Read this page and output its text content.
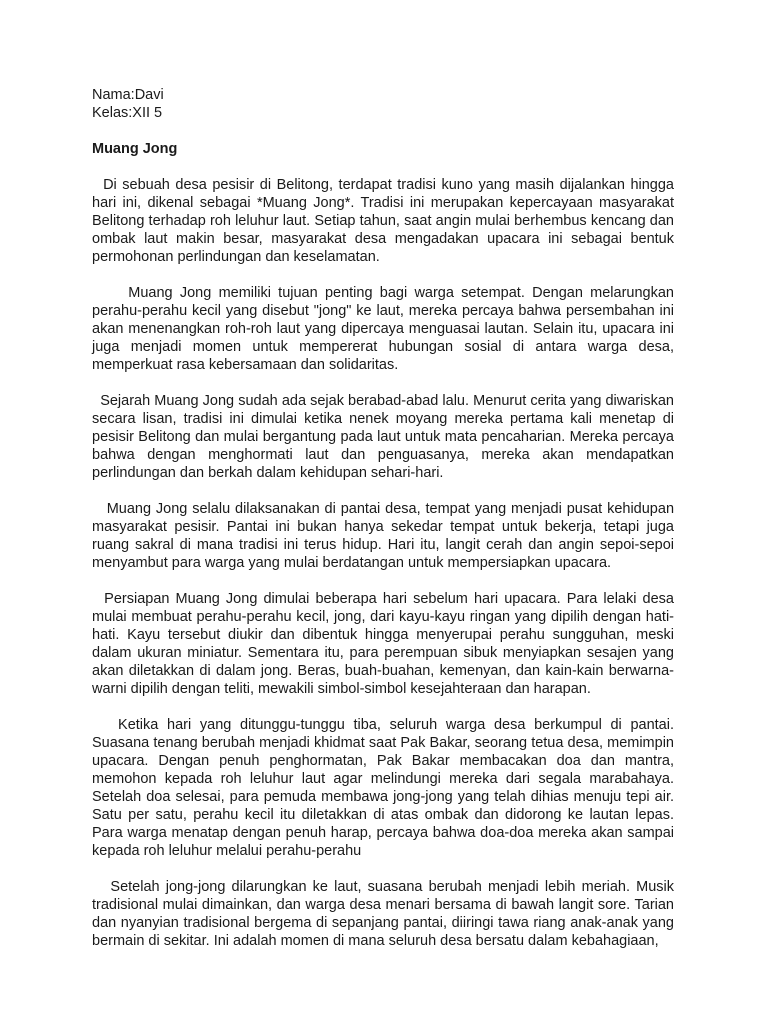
Nama:Davi
Kelas:XII 5
Muang Jong

Di sebuah desa pesisir di Belitong, terdapat tradisi kuno yang masih dijalankan hingga hari ini, dikenal sebagai *Muang Jong*. Tradisi ini merupakan kepercayaan masyarakat Belitong terhadap roh leluhur laut. Setiap tahun, saat angin mulai berhembus kencang dan ombak laut makin besar, masyarakat desa mengadakan upacara ini sebagai bentuk permohonan perlindungan dan keselamatan.

Muang Jong memiliki tujuan penting bagi warga setempat. Dengan melarungkan perahu-perahu kecil yang disebut "jong" ke laut, mereka percaya bahwa persembahan ini akan menenangkan roh-roh laut yang dipercaya menguasai lautan. Selain itu, upacara ini juga menjadi momen untuk mempererat hubungan sosial di antara warga desa, memperkuat rasa kebersamaan dan solidaritas.

Sejarah Muang Jong sudah ada sejak berabad-abad lalu. Menurut cerita yang diwariskan secara lisan, tradisi ini dimulai ketika nenek moyang mereka pertama kali menetap di pesisir Belitong dan mulai bergantung pada laut untuk mata pencaharian. Mereka percaya bahwa dengan menghormati laut dan penguasanya, mereka akan mendapatkan perlindungan dan berkah dalam kehidupan sehari-hari.

Muang Jong selalu dilaksanakan di pantai desa, tempat yang menjadi pusat kehidupan masyarakat pesisir. Pantai ini bukan hanya sekedar tempat untuk bekerja, tetapi juga ruang sakral di mana tradisi ini terus hidup. Hari itu, langit cerah dan angin sepoi-sepoi menyambut para warga yang mulai berdatangan untuk mempersiapkan upacara.

Persiapan Muang Jong dimulai beberapa hari sebelum hari upacara. Para lelaki desa mulai membuat perahu-perahu kecil, jong, dari kayu-kayu ringan yang dipilih dengan hati-hati. Kayu tersebut diukir dan dibentuk hingga menyerupai perahu sungguhan, meski dalam ukuran miniatur. Sementara itu, para perempuan sibuk menyiapkan sesajen yang akan diletakkan di dalam jong. Beras, buah-buahan, kemenyan, dan kain-kain berwarna-warni dipilih dengan teliti, mewakili simbol-simbol kesejahteraan dan harapan.

Ketika hari yang ditunggu-tunggu tiba, seluruh warga desa berkumpul di pantai. Suasana tenang berubah menjadi khidmat saat Pak Bakar, seorang tetua desa, memimpin upacara. Dengan penuh penghormatan, Pak Bakar membacakan doa dan mantra, memohon kepada roh leluhur laut agar melindungi mereka dari segala marabahaya. Setelah doa selesai, para pemuda membawa jong-jong yang telah dihias menuju tepi air. Satu per satu, perahu kecil itu diletakkan di atas ombak dan didorong ke lautan lepas. Para warga menatap dengan penuh harap, percaya bahwa doa-doa mereka akan sampai kepada roh leluhur melalui perahu-perahu

Setelah jong-jong dilarungkan ke laut, suasana berubah menjadi lebih meriah. Musik tradisional mulai dimainkan, dan warga desa menari bersama di bawah langit sore. Tarian dan nyanyian tradisional bergema di sepanjang pantai, diiringi tawa riang anak-anak yang bermain di sekitar. Ini adalah momen di mana seluruh desa bersatu dalam kebahagiaan,
